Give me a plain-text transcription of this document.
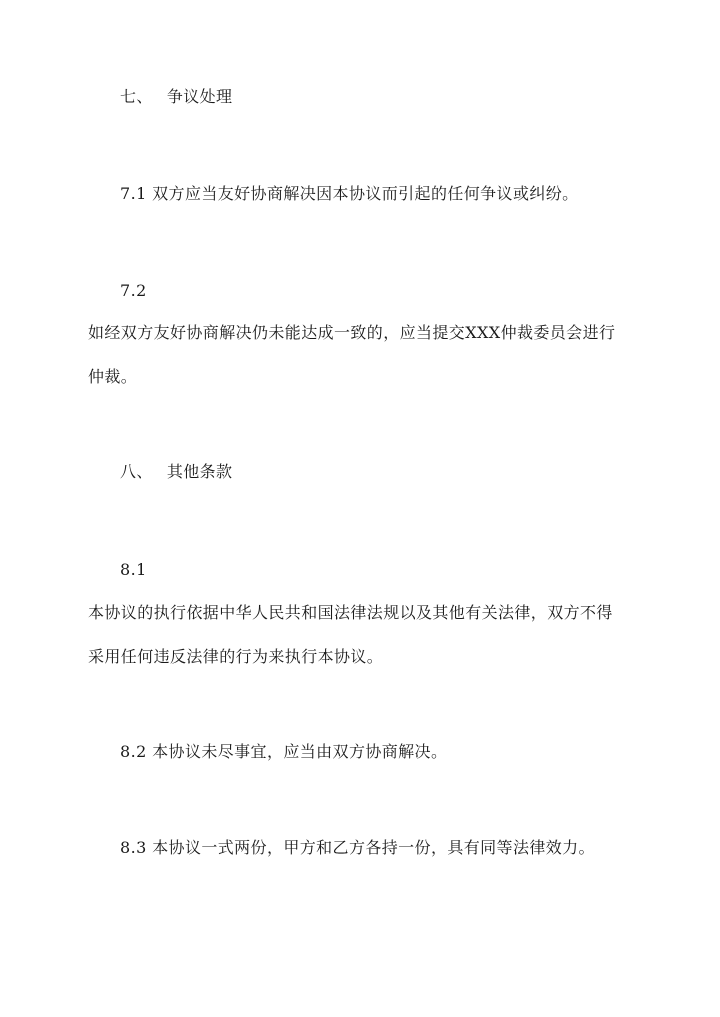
七、 争议处理
7.1 双方应当友好协商解决因本协议而引起的任何争议或纠纷。
7.2
如经双方友好协商解决仍未能达成一致的，应当提交XXX仲裁委员会进行
仲裁。
八、 其他条款
8.1
本协议的执行依据中华人民共和国法律法规以及其他有关法律，双方不得
采用任何违反法律的行为来执行本协议。
8.2 本协议未尽事宜，应当由双方协商解决。
8.3 本协议一式两份，甲方和乙方各持一份，具有同等法律效力。
